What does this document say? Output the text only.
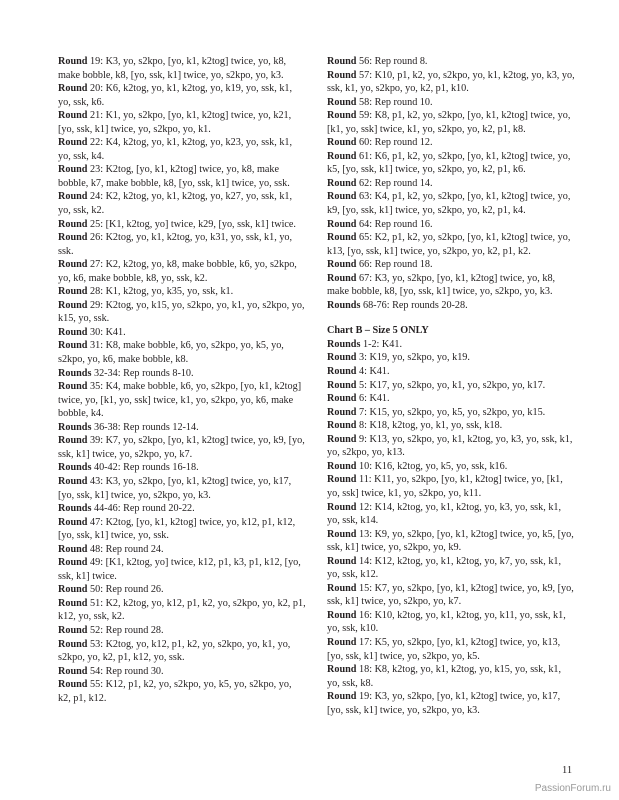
Round 19: K3, yo, s2kpo, [yo, k1, k2tog] twice, yo, k8, make bobble, k8, [yo, ssk, k1] twice, yo, s2kpo, yo, k3.

Round 20: K6, k2tog, yo, k1, k2tog, yo, k19, yo, ssk, k1, yo, ssk, k6.

Round 21: K1, yo, s2kpo, [yo, k1, k2tog] twice, yo, k21, [yo, ssk, k1] twice, yo, s2kpo, yo, k1.

Round 22: K4, k2tog, yo, k1, k2tog, yo, k23, yo, ssk, k1, yo, ssk, k4.

Round 23: K2tog, [yo, k1, k2tog] twice, yo, k8, make bobble, k7, make bobble, k8, [yo, ssk, k1] twice, yo, ssk.

Round 24: K2, k2tog, yo, k1, k2tog, yo, k27, yo, ssk, k1, yo, ssk, k2.

Round 25: [K1, k2tog, yo] twice, k29, [yo, ssk, k1] twice.

Round 26: K2tog, yo, k1, k2tog, yo, k31, yo, ssk, k1, yo, ssk.

Round 27: K2, k2tog, yo, k8, make bobble, k6, yo, s2kpo, yo, k6, make bobble, k8, yo, ssk, k2.

Round 28: K1, k2tog, yo, k35, yo, ssk, k1.

Round 29: K2tog, yo, k15, yo, s2kpo, yo, k1, yo, s2kpo, yo, k15, yo, ssk.

Round 30: K41.

Round 31: K8, make bobble, k6, yo, s2kpo, yo, k5, yo, s2kpo, yo, k6, make bobble, k8.

Rounds 32-34: Rep rounds 8-10.

Round 35: K4, make bobble, k6, yo, s2kpo, [yo, k1, k2tog] twice, yo, [k1, yo, ssk] twice, k1, yo, s2kpo, yo, k6, make bobble, k4.

Rounds 36-38: Rep rounds 12-14.

Round 39: K7, yo, s2kpo, [yo, k1, k2tog] twice, yo, k9, [yo, ssk, k1] twice, yo, s2kpo, yo, k7.

Rounds 40-42: Rep rounds 16-18.

Round 43: K3, yo, s2kpo, [yo, k1, k2tog] twice, yo, k17, [yo, ssk, k1] twice, yo, s2kpo, yo, k3.

Rounds 44-46: Rep round 20-22.

Round 47: K2tog, [yo, k1, k2tog] twice, yo, k12, p1, k12, [yo, ssk, k1] twice, yo, ssk.

Round 48: Rep round 24.

Round 49: [K1, k2tog, yo] twice, k12, p1, k3, p1, k12, [yo, ssk, k1] twice.

Round 50: Rep round 26.

Round 51: K2, k2tog, yo, k12, p1, k2, yo, s2kpo, yo, k2, p1, k12, yo, ssk, k2.

Round 52: Rep round 28.

Round 53: K2tog, yo, k12, p1, k2, yo, s2kpo, yo, k1, yo, s2kpo, yo, k2, p1, k12, yo, ssk.

Round 54: Rep round 30.

Round 55: K12, p1, k2, yo, s2kpo, yo, k5, yo, s2kpo, yo, k2, p1, k12.

Round 56: Rep round 8.

Round 57: K10, p1, k2, yo, s2kpo, yo, k1, k2tog, yo, k3, yo, ssk, k1, yo, s2kpo, yo, k2, p1, k10.

Round 58: Rep round 10.

Round 59: K8, p1, k2, yo, s2kpo, [yo, k1, k2tog] twice, yo, [k1, yo, ssk] twice, k1, yo, s2kpo, yo, k2, p1, k8.

Round 60: Rep round 12.

Round 61: K6, p1, k2, yo, s2kpo, [yo, k1, k2tog] twice, yo, k5, [yo, ssk, k1] twice, yo, s2kpo, yo, k2, p1, k6.

Round 62: Rep round 14.

Round 63: K4, p1, k2, yo, s2kpo, [yo, k1, k2tog] twice, yo, k9, [yo, ssk, k1] twice, yo, s2kpo, yo, k2, p1, k4.

Round 64: Rep round 16.

Round 65: K2, p1, k2, yo, s2kpo, [yo, k1, k2tog] twice, yo, k13, [yo, ssk, k1] twice, yo, s2kpo, yo, k2, p1, k2.

Round 66: Rep round 18.

Round 67: K3, yo, s2kpo, [yo, k1, k2tog] twice, yo, k8, make bobble, k8, [yo, ssk, k1] twice, yo, s2kpo, yo, k3.

Rounds 68-76: Rep rounds 20-28.

Chart B – Size 5 ONLY

Rounds 1-2: K41.

Round 3: K19, yo, s2kpo, yo, k19.

Round 4: K41.

Round 5: K17, yo, s2kpo, yo, k1, yo, s2kpo, yo, k17.

Round 6: K41.

Round 7: K15, yo, s2kpo, yo, k5, yo, s2kpo, yo, k15.

Round 8: K18, k2tog, yo, k1, yo, ssk, k18.

Round 9: K13, yo, s2kpo, yo, k1, k2tog, yo, k3, yo, ssk, k1, yo, s2kpo, yo, k13.

Round 10: K16, k2tog, yo, k5, yo, ssk, k16.

Round 11: K11, yo, s2kpo, [yo, k1, k2tog] twice, yo, [k1, yo, ssk] twice, k1, yo, s2kpo, yo, k11.

Round 12: K14, k2tog, yo, k1, k2tog, yo, k3, yo, ssk, k1, yo, ssk, k14.

Round 13: K9, yo, s2kpo, [yo, k1, k2tog] twice, yo, k5, [yo, ssk, k1] twice, yo, s2kpo, yo, k9.

Round 14: K12, k2tog, yo, k1, k2tog, yo, k7, yo, ssk, k1, yo, ssk, k12.

Round 15: K7, yo, s2kpo, [yo, k1, k2tog] twice, yo, k9, [yo, ssk, k1] twice, yo, s2kpo, yo, k7.

Round 16: K10, k2tog, yo, k1, k2tog, yo, k11, yo, ssk, k1, yo, ssk, k10.

Round 17: K5, yo, s2kpo, [yo, k1, k2tog] twice, yo, k13, [yo, ssk, k1] twice, yo, s2kpo, yo, k5.

Round 18: K8, k2tog, yo, k1, k2tog, yo, k15, yo, ssk, k1, yo, ssk, k8.

Round 19: K3, yo, s2kpo, [yo, k1, k2tog] twice, yo, k17, [yo, ssk, k1] twice, yo, s2kpo, yo, k3.

11
PassionForum.ru
